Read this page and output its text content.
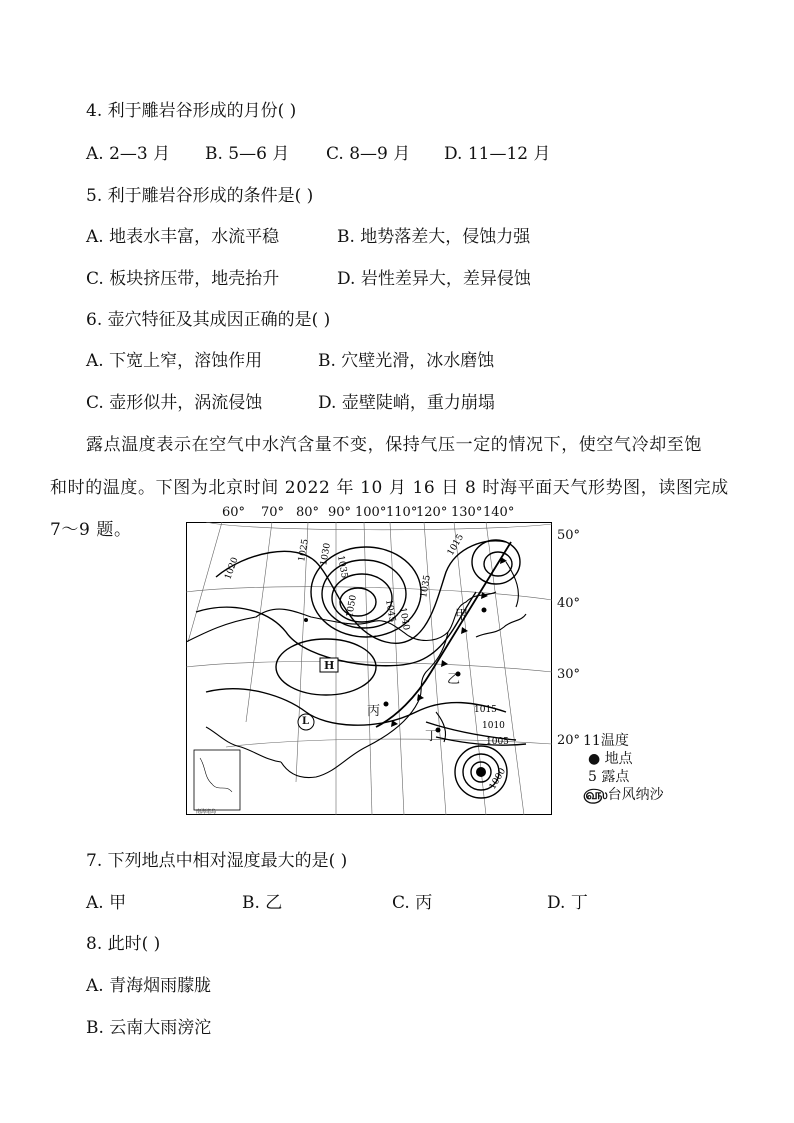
4. 利于雕岩谷形成的月份( )
A. 2—3 月 B. 5—6 月 C. 8—9 月 D. 11—12 月
5. 利于雕岩谷形成的条件是( )
A. 地表水丰富，水流平稳	B. 地势落差大，侵蚀力强
C. 板块挤压带，地壳抬升	D. 岩性差异大，差异侵蚀
6. 壶穴特征及其成因正确的是( )
A. 下宽上窄，溶蚀作用	B. 穴壁光滑，冰水磨蚀
C. 壶形似井，涡流侵蚀	D. 壶壁陡峭，重力崩塌
露点温度表示在空气中水汽含量不变，保持气压一定的情况下，使空气冷却至饱
和时的温度。下图为北京时间 2022 年 10 月 16 日 8 时海平面天气形势图，读图完成
7～9 题。
60° 70° 80° 90° 100° 110°
120° 130° 140°
50°
40°
30°
20°
1020
1025 1030
1035
1045
1050
1040
1035
1015
1015
1010
1005
1000
H
L
甲
乙
丙
丁
南海诸岛
11温度
● 地点
5 露点
௵台风纳沙
7. 下列地点中相对湿度最大的是( )
A. 甲	B. 乙	C. 丙	D. 丁
8. 此时( )
A. 青海烟雨朦胧
B. 云南大雨滂沱
